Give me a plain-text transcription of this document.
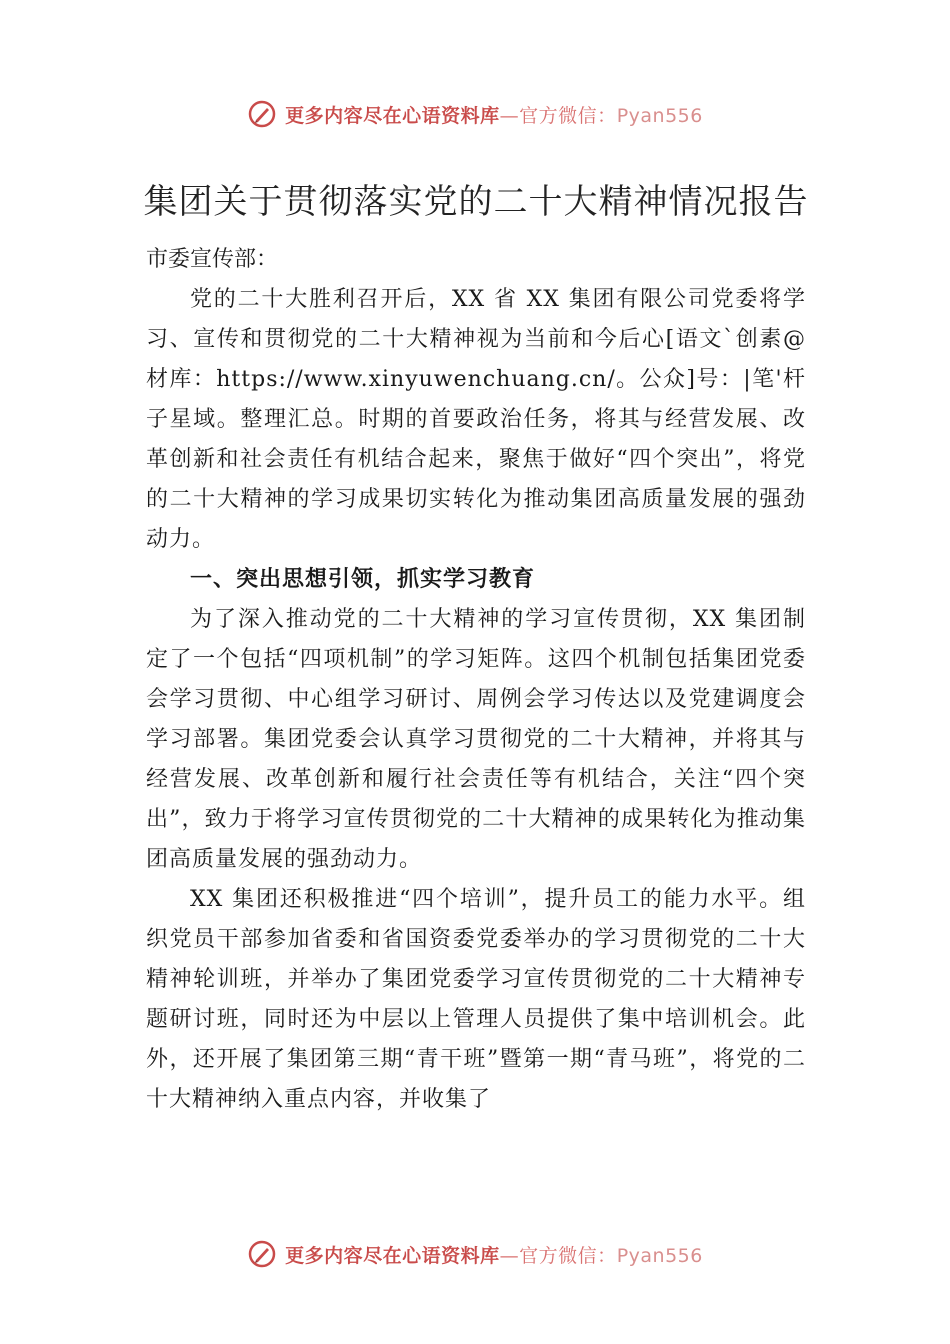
更多内容尽在心语资料库—官方微信：Pyan556
集团关于贯彻落实党的二十大精神情况报告

市委宣传部：

党的二十大胜利召开后，XX 省 XX 集团有限公司党委将学习、宣传和贯彻党的二十大精神视为当前和今后心[语文`创素@材库：https://www.xinyuwenchuang.cn/。公众]号：|笔'杆子星域。整理汇总。时期的首要政治任务，将其与经营发展、改革创新和社会责任有机结合起来，聚焦于做好“四个突出”，将党的二十大精神的学习成果切实转化为推动集团高质量发展的强劲动力。

一、突出思想引领，抓实学习教育

为了深入推动党的二十大精神的学习宣传贯彻，XX 集团制定了一个包括“四项机制”的学习矩阵。这四个机制包括集团党委会学习贯彻、中心组学习研讨、周例会学习传达以及党建调度会学习部署。集团党委会认真学习贯彻党的二十大精神，并将其与经营发展、改革创新和履行社会责任等有机结合，关注“四个突出”，致力于将学习宣传贯彻党的二十大精神的成果转化为推动集团高质量发展的强劲动力。

XX 集团还积极推进“四个培训”，提升员工的能力水平。组织党员干部参加省委和省国资委党委举办的学习贯彻党的二十大精神轮训班，并举办了集团党委学习宣传贯彻党的二十大精神专题研讨班，同时还为中层以上管理人员提供了集中培训机会。此外，还开展了集团第三期“青干班”暨第一期“青马班”，将党的二十大精神纳入重点内容，并收集了

更多内容尽在心语资料库—官方微信：Pyan556
